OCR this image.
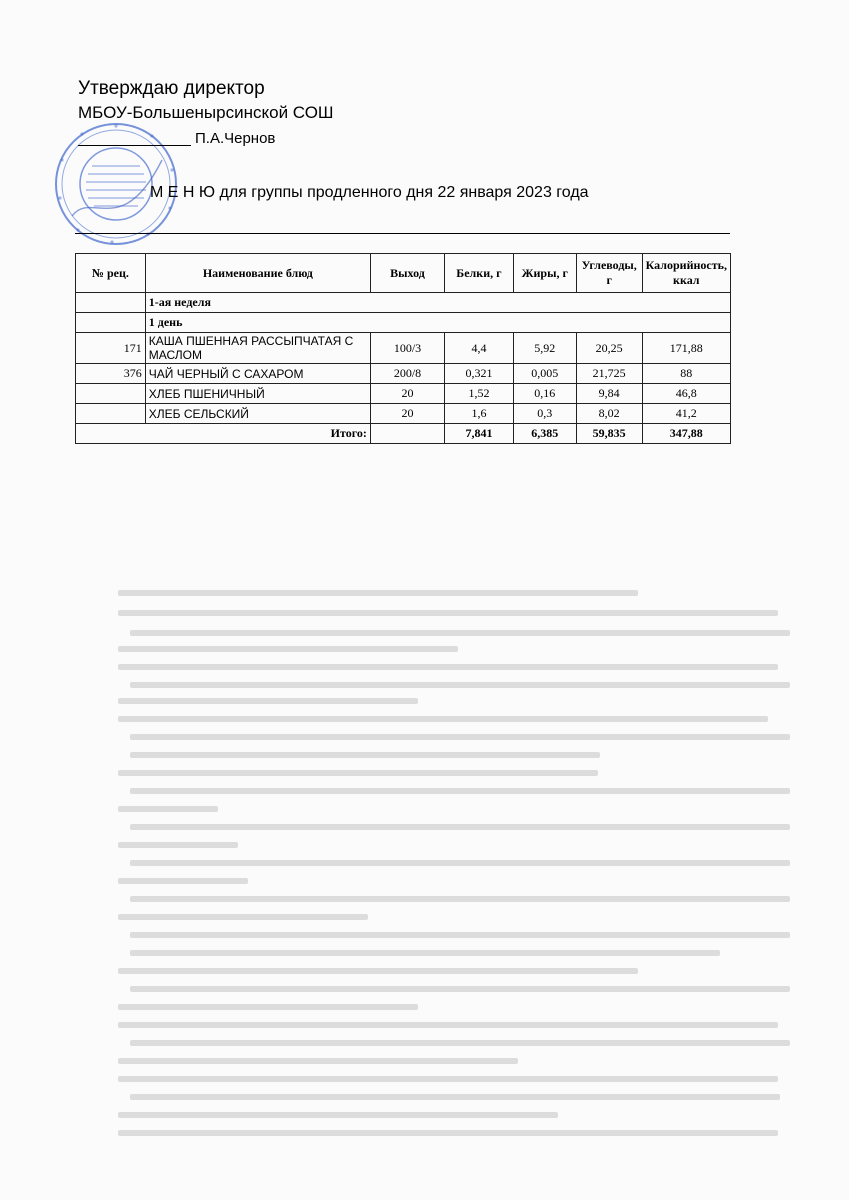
Утверждаю директор
МБОУ-Большенырсинской СОШ
П.А.Чернов
М Е Н Ю для группы продленного дня 22 января 2023 года
№ рец.	Наименование блюд	Выход	Белки, г	Жиры, г	Углеводы, г	Калорийность, ккал
	1-ая неделя					
	1 день					
171	КАША ПШЕННАЯ РАССЫПЧАТАЯ С МАСЛОМ	100/3	4,4	5,92	20,25	171,88
376	ЧАЙ ЧЕРНЫЙ С САХАРОМ	200/8	0,321	0,005	21,725	88
	ХЛЕБ ПШЕНИЧНЫЙ	20	1,52	0,16	9,84	46,8
	ХЛЕБ СЕЛЬСКИЙ	20	1,6	0,3	8,02	41,2
Итого:			7,841	6,385	59,835	347,88
